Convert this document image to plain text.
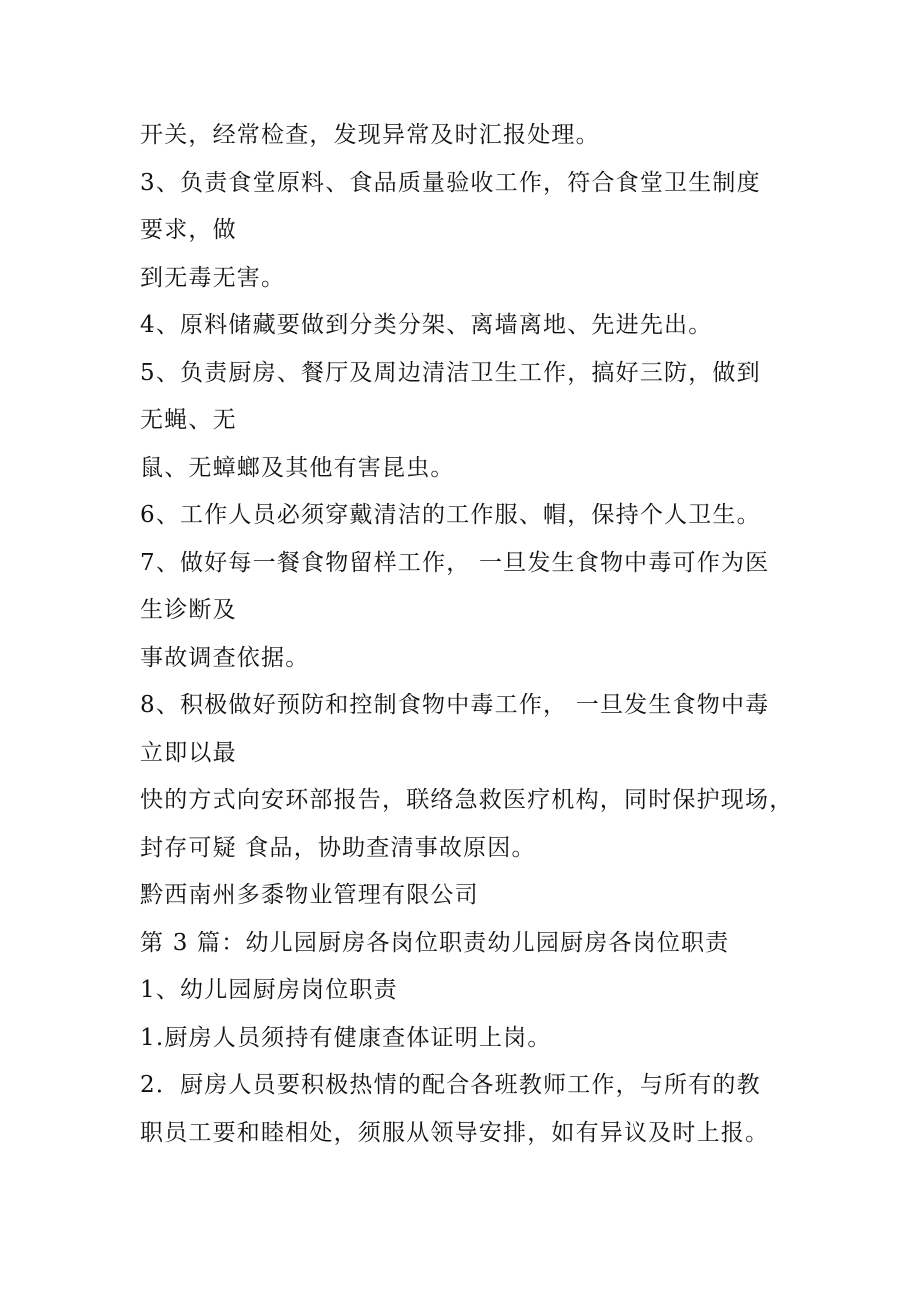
开关，经常检查，发现异常及时汇报处理。
3、负责食堂原料、食品质量验收工作，符合食堂卫生制度
要求，做
到无毒无害。
4、原料储藏要做到分类分架、离墙离地、先进先出。
5、负责厨房、餐厅及周边清洁卫生工作，搞好三防，做到
无蝇、无
鼠、无蟑螂及其他有害昆虫。
6、工作人员必须穿戴清洁的工作服、帽，保持个人卫生。
7、做好每一餐食物留样工作， 一旦发生食物中毒可作为医
生诊断及
事故调查依据。
8、积极做好预防和控制食物中毒工作， 一旦发生食物中毒
立即以最
快的方式向安环部报告，联络急救医疗机构，同时保护现场，
封存可疑 食品，协助查清事故原因。
黔西南州多黍物业管理有限公司
第 3 篇：幼儿园厨房各岗位职责幼儿园厨房各岗位职责
1、幼儿园厨房岗位职责
1.厨房人员须持有健康查体证明上岗。
2．厨房人员要积极热情的配合各班教师工作，与所有的教
职员工要和睦相处，须服从领导安排，如有异议及时上报。
